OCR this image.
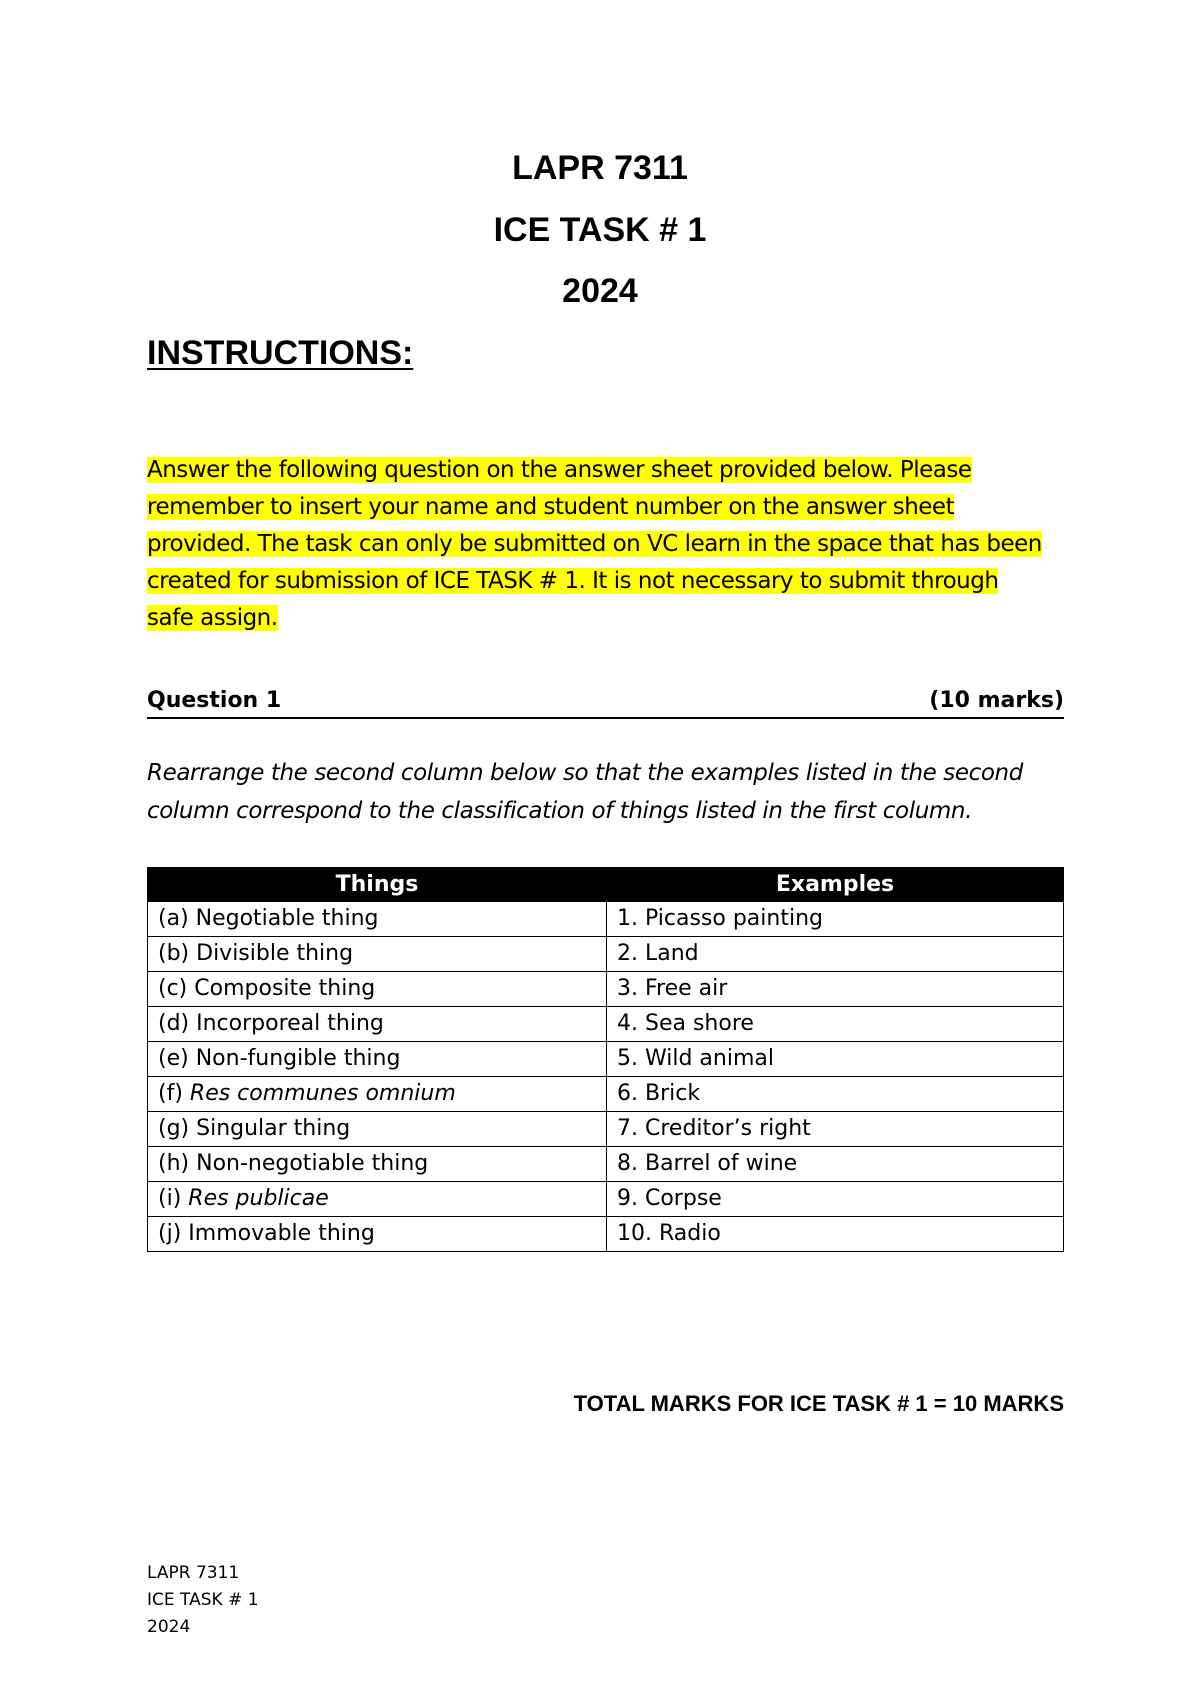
LAPR 7311
ICE TASK # 1
2024
INSTRUCTIONS:
Answer the following question on the answer sheet provided below. Please remember to insert your name and student number on the answer sheet provided. The task can only be submitted on VC learn in the space that has been created for submission of ICE TASK # 1. It is not necessary to submit through safe assign.
Question 1	(10 marks)
Rearrange the second column below so that the examples listed in the second column correspond to the classification of things listed in the first column.
Things	Examples
(a) Negotiable thing	1. Picasso painting
(b) Divisible thing	2. Land
(c) Composite thing	3. Free air
(d) Incorporeal thing	4. Sea shore
(e) Non-fungible thing	5. Wild animal
(f) Res communes omnium	6. Brick
(g) Singular thing	7. Creditor’s right
(h) Non-negotiable thing	8. Barrel of wine
(i) Res publicae	9. Corpse
(j) Immovable thing	10. Radio
TOTAL MARKS FOR ICE TASK # 1 = 10 MARKS
LAPR 7311
ICE TASK # 1
2024
